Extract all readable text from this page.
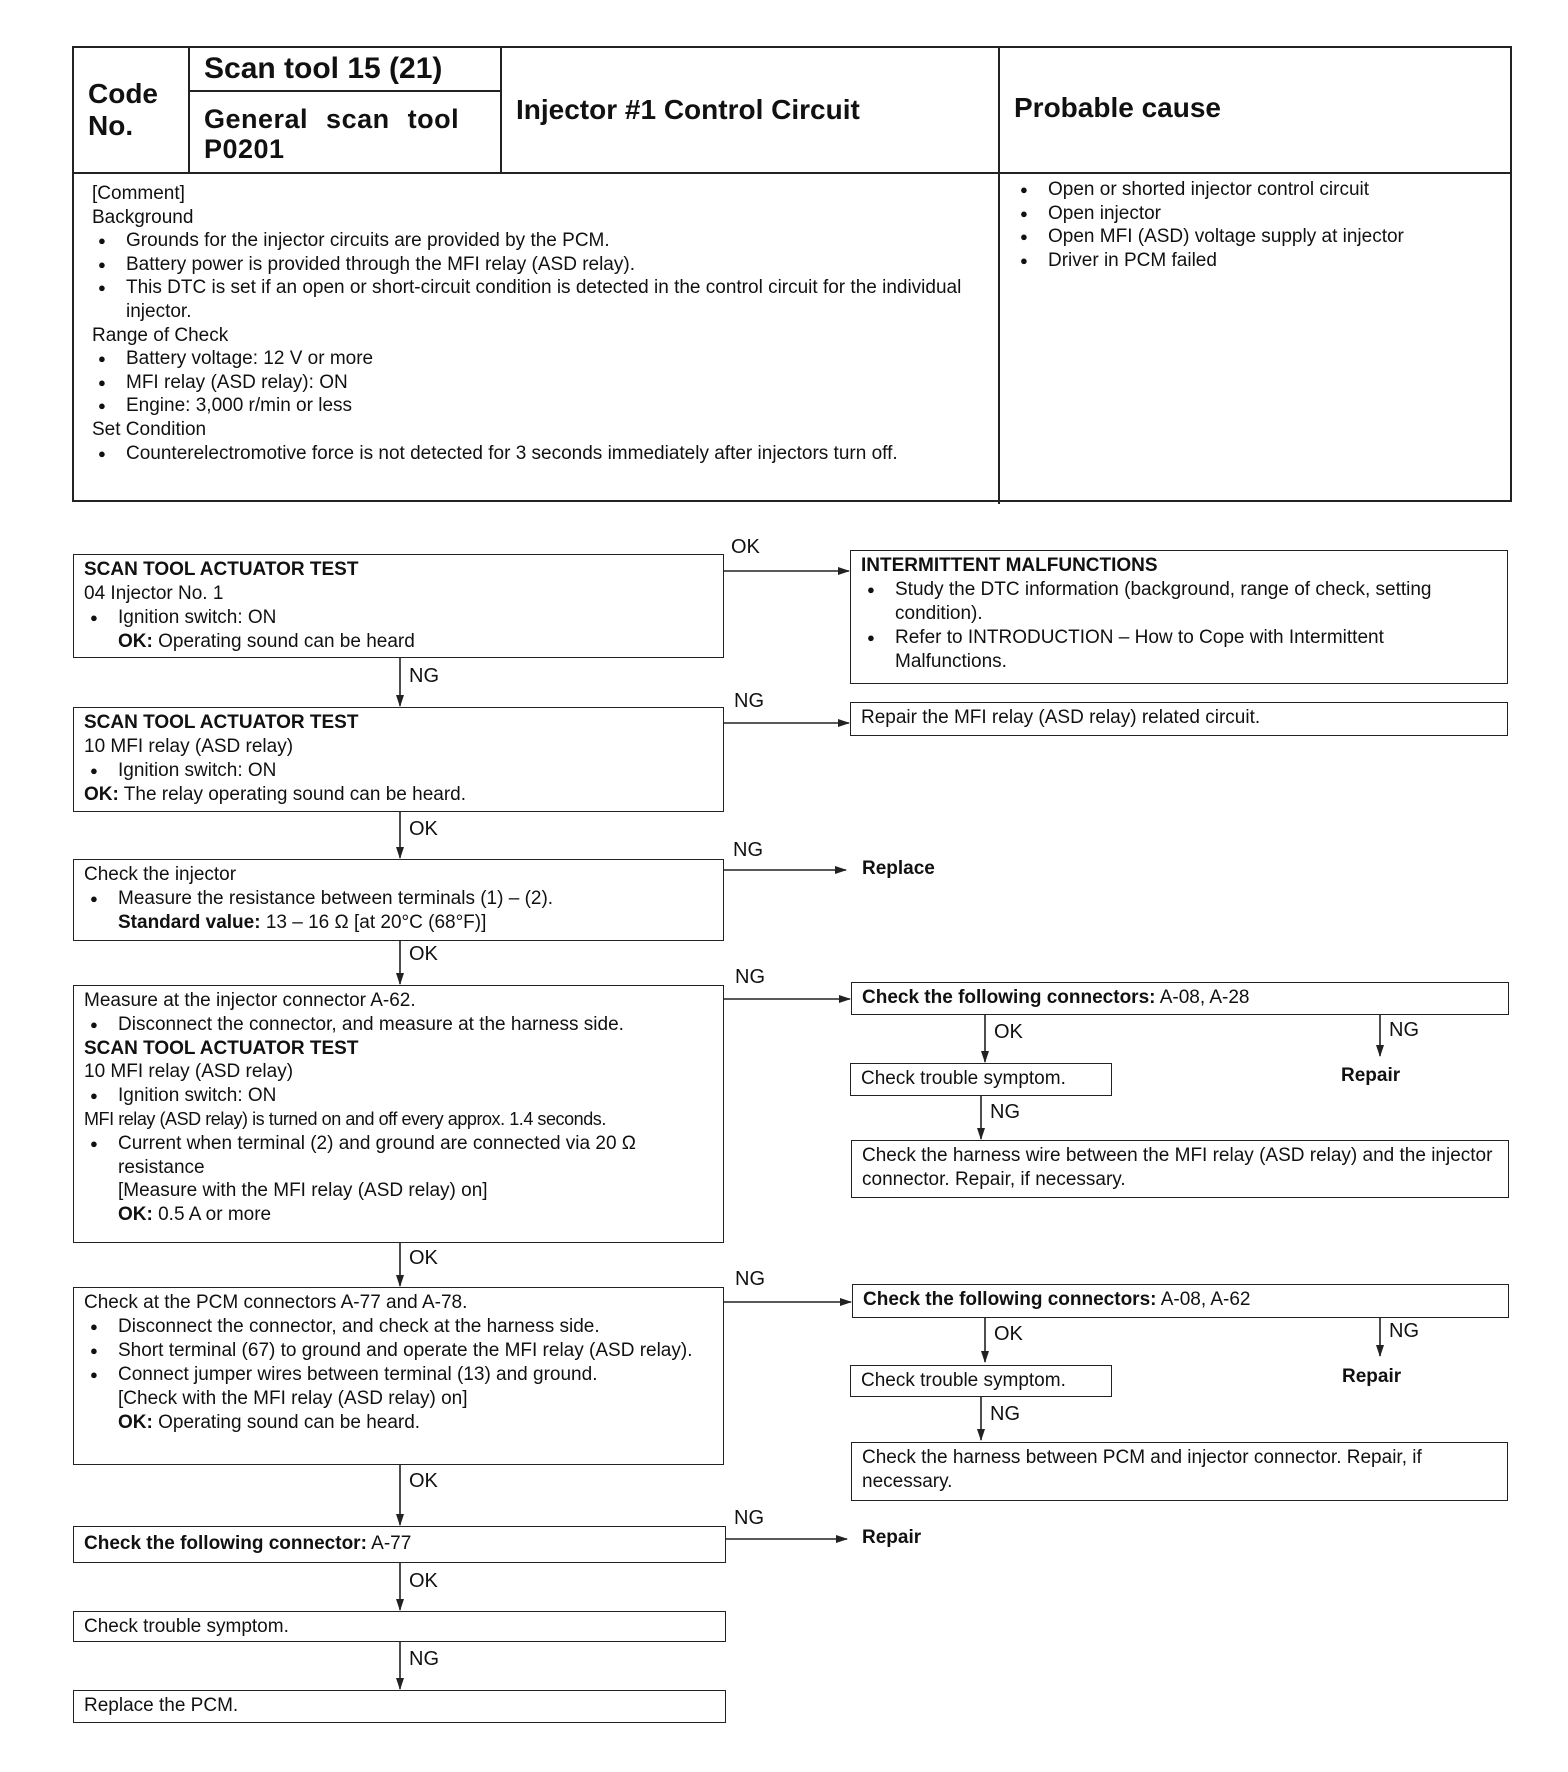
Code No.
Scan tool 15 (21)
General scan tool P0201
Injector #1 Control Circuit	Probable cause
[Comment]
Background
● Grounds for the injector circuits are provided by the PCM.
● Battery power is provided through the MFI relay (ASD relay).
● This DTC is set if an open or short-circuit condition is detected in the control circuit for the individual injector.
Range of Check
● Battery voltage: 12 V or more
● MFI relay (ASD relay): ON
● Engine: 3,000 r/min or less
Set Condition
● Counterelectromotive force is not detected for 3 seconds immediately after injectors turn off.
● Open or shorted injector control circuit
● Open injector
● Open MFI (ASD) voltage supply at injector
● Driver in PCM failed
OK
NG
NG
OK
NG
OK
NG
OK
NG
OK
NG
OK
NG
OK	NG
NG
OK	NG
NG
SCAN TOOL ACTUATOR TEST
04 Injector No. 1
● Ignition switch: ON
OK: Operating sound can be heard
INTERMITTENT MALFUNCTIONS
● Study the DTC information (background, range of check, setting condition).
● Refer to INTRODUCTION – How to Cope with Intermittent Malfunctions.
SCAN TOOL ACTUATOR TEST
10 MFI relay (ASD relay)
● Ignition switch: ON
OK: The relay operating sound can be heard.
Repair the MFI relay (ASD relay) related circuit.
Check the injector
● Measure the resistance between terminals (1) – (2).
Standard value: 13 – 16 Ω [at 20°C (68°F)]
Replace
Measure at the injector connector A-62.
● Disconnect the connector, and measure at the harness side.
SCAN TOOL ACTUATOR TEST
10 MFI relay (ASD relay)
● Ignition switch: ON
MFI relay (ASD relay) is turned on and off every approx. 1.4 seconds.
● Current when terminal (2) and ground are connected via 20 Ω resistance
[Measure with the MFI relay (ASD relay) on]
OK: 0.5 A or more
Check the following connectors: A-08, A-28
Check trouble symptom.	Repair
Check the harness wire between the MFI relay (ASD relay) and the injector connector. Repair, if necessary.
Check at the PCM connectors A-77 and A-78.
● Disconnect the connector, and check at the harness side.
● Short terminal (67) to ground and operate the MFI relay (ASD relay).
● Connect jumper wires between terminal (13) and ground.
[Check with the MFI relay (ASD relay) on]
OK: Operating sound can be heard.
Check the following connectors: A-08, A-62
Check trouble symptom.	Repair
Check the harness between PCM and injector connector. Repair, if necessary.
Check the following connector: A-77	Repair
Check trouble symptom.
Replace the PCM.
